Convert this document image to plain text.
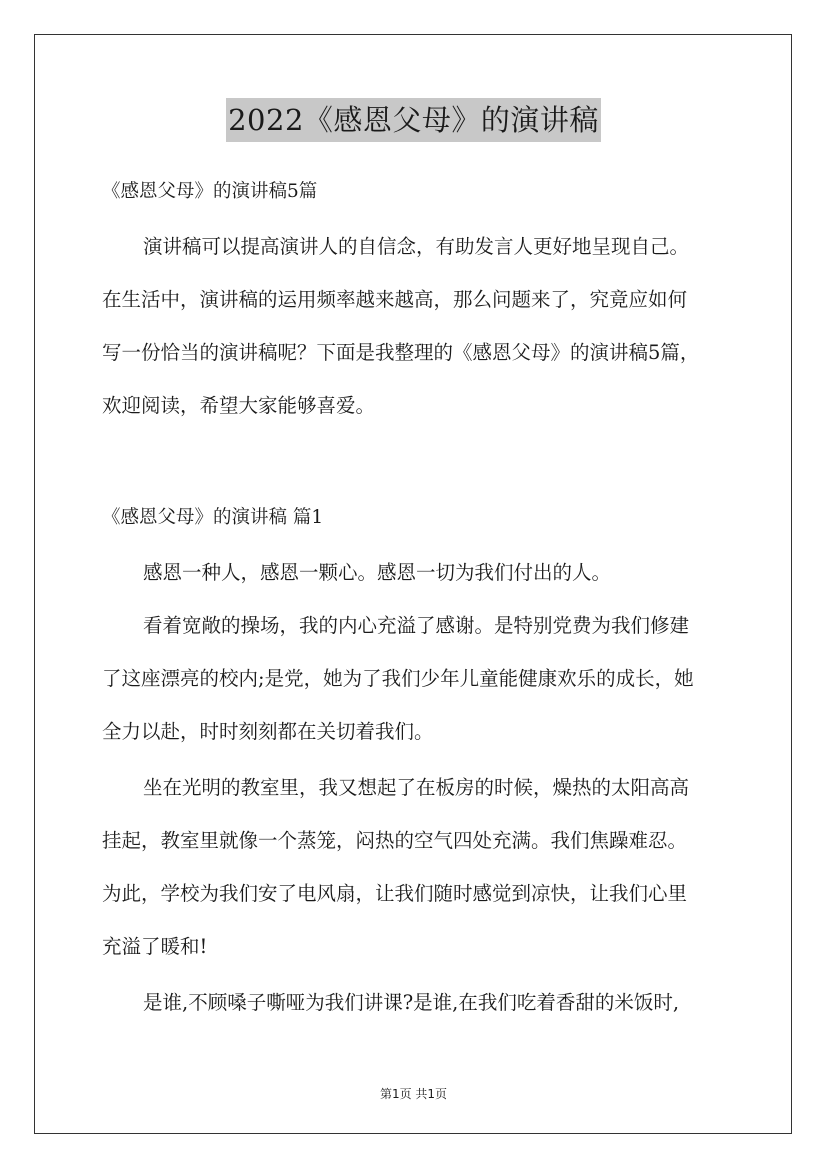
2022《感恩父母》的演讲稿
《感恩父母》的演讲稿5篇
演讲稿可以提高演讲人的自信念，有助发言人更好地呈现自己。
在生活中，演讲稿的运用频率越来越高，那么问题来了，究竟应如何
写一份恰当的演讲稿呢？下面是我整理的《感恩父母》的演讲稿5篇，
欢迎阅读，希望大家能够喜爱。
《感恩父母》的演讲稿 篇1
感恩一种人，感恩一颗心。感恩一切为我们付出的人。
看着宽敞的操场，我的内心充溢了感谢。是特别党费为我们修建
了这座漂亮的校内;是党，她为了我们少年儿童能健康欢乐的成长，她
全力以赴，时时刻刻都在关切着我们。
坐在光明的教室里，我又想起了在板房的时候，燥热的太阳高高
挂起，教室里就像一个蒸笼，闷热的空气四处充满。我们焦躁难忍。
为此，学校为我们安了电风扇，让我们随时感觉到凉快，让我们心里
充溢了暖和!
是谁,不顾嗓子嘶哑为我们讲课?是谁,在我们吃着香甜的米饭时,
第1页 共1页
